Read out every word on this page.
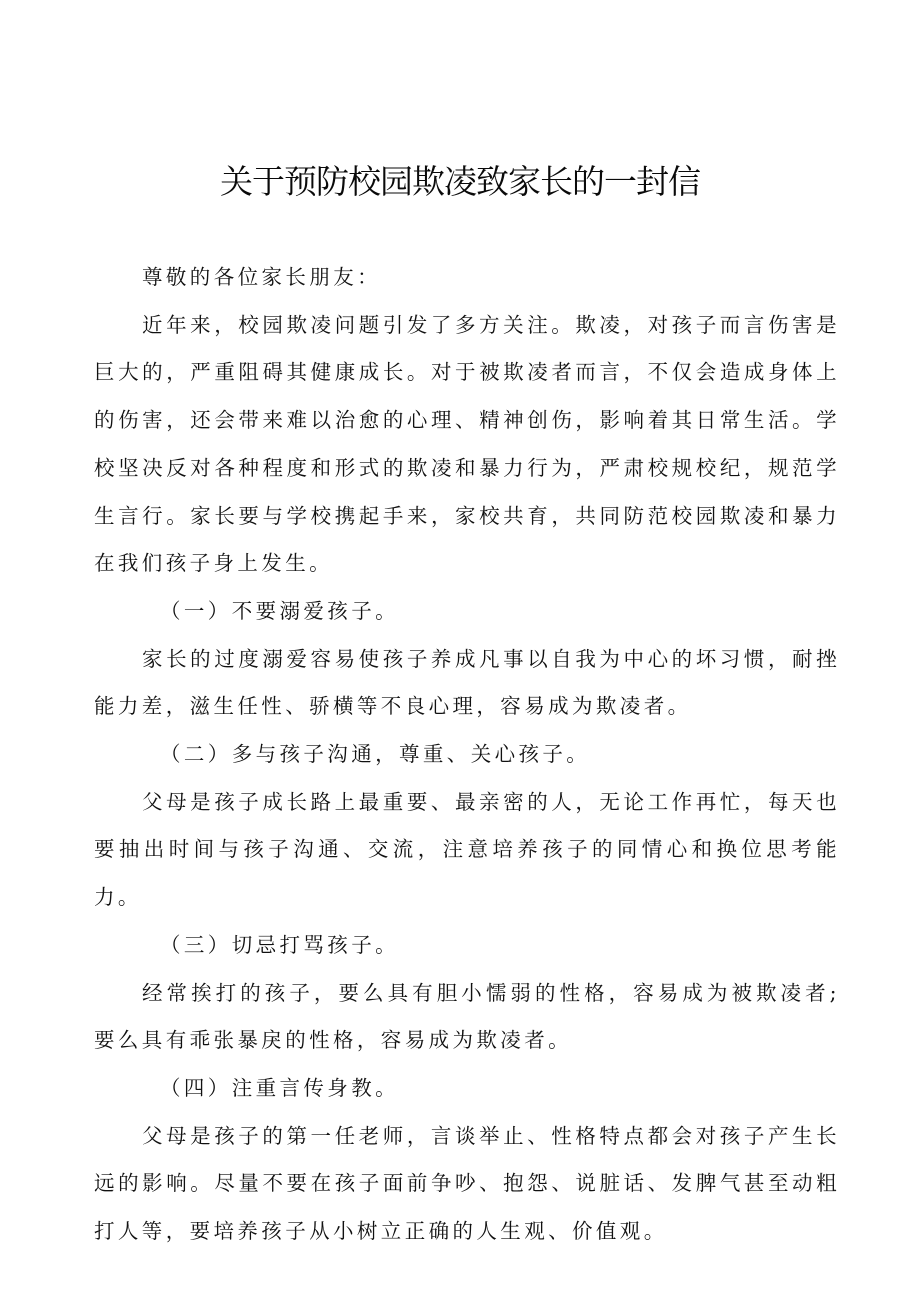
关于预防校园欺凌致家长的一封信

尊敬的各位家长朋友：

近年来，校园欺凌问题引发了多方关注。欺凌，对孩子而言伤害是巨大的，严重阻碍其健康成长。对于被欺凌者而言，不仅会造成身体上的伤害，还会带来难以治愈的心理、精神创伤，影响着其日常生活。学校坚决反对各种程度和形式的欺凌和暴力行为，严肃校规校纪，规范学生言行。家长要与学校携起手来，家校共育，共同防范校园欺凌和暴力在我们孩子身上发生。

（一）不要溺爱孩子。

家长的过度溺爱容易使孩子养成凡事以自我为中心的坏习惯，耐挫能力差，滋生任性、骄横等不良心理，容易成为欺凌者。

（二）多与孩子沟通，尊重、关心孩子。

父母是孩子成长路上最重要、最亲密的人，无论工作再忙，每天也要抽出时间与孩子沟通、交流，注意培养孩子的同情心和换位思考能力。

（三）切忌打骂孩子。

经常挨打的孩子，要么具有胆小懦弱的性格，容易成为被欺凌者;要么具有乖张暴戾的性格，容易成为欺凌者。

（四）注重言传身教。

父母是孩子的第一任老师，言谈举止、性格特点都会对孩子产生长远的影响。尽量不要在孩子面前争吵、抱怨、说脏话、发脾气甚至动粗打人等，要培养孩子从小树立正确的人生观、价值观。
